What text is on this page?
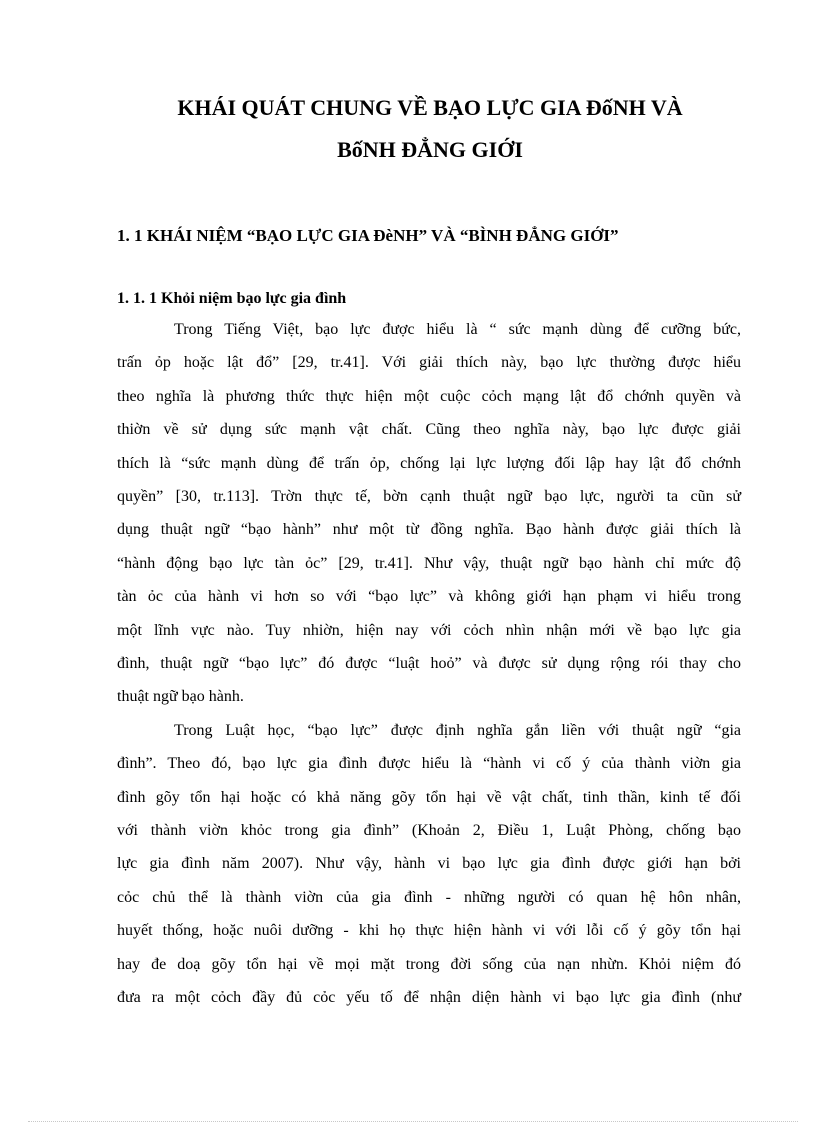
KHÁI QUÁT CHUNG VỀ BẠO LỰC GIA ĐốNH VÀ
BốNH ĐẲNG GIỚI
1. 1 KHÁI NIỆM “BẠO LỰC GIA ĐèNH” VÀ “BÌNH ĐẲNG GIỚI”
1. 1. 1 Khỏi niệm bạo lực gia đình
Trong Tiếng Việt, bạo lực được hiểu là “ sức mạnh dùng để cưỡng bức,
trấn ỏp hoặc lật đổ” [29, tr.41]. Với giải thích này, bạo lực thường được hiểu
theo nghĩa là phương thức thực hiện một cuộc cỏch mạng lật đổ chớnh quyền và
thiờn về sử dụng sức mạnh vật chất. Cũng theo nghĩa này, bạo lực được giải
thích là “sức mạnh dùng để trấn ỏp, chống lại lực lượng đối lập hay lật đổ chớnh
quyền” [30, tr.113]. Trờn thực tế, bờn cạnh thuật ngữ bạo lực, người ta cũn sử
dụng thuật ngữ “bạo hành” như một từ đồng nghĩa. Bạo hành được giải thích là
“hành động bạo lực tàn ỏc” [29, tr.41]. Như vậy, thuật ngữ bạo hành chỉ mức độ
tàn ỏc của hành vi hơn so với “bạo lực” và không giới hạn phạm vi hiểu trong
một lĩnh vực nào. Tuy nhiờn, hiện nay với cỏch nhìn nhận mới về bạo lực gia
đình, thuật ngữ “bạo lực” đó được “luật hoỏ” và được sử dụng rộng rói thay cho
thuật ngữ bạo hành.
Trong Luật học, “bạo lực” được định nghĩa gắn liền với thuật ngữ “gia
đình”. Theo đó, bạo lực gia đình được hiểu là “hành vi cố ý của thành viờn gia
đình gõy tổn hại hoặc có khả năng gõy tổn hại về vật chất, tinh thần, kinh tế đối
với thành viờn khỏc trong gia đình” (Khoản 2, Điều 1, Luật Phòng, chống bạo
lực gia đình năm 2007). Như vậy, hành vi bạo lực gia đình được giới hạn bởi
cỏc chủ thể là thành viờn của gia đình - những người có quan hệ hôn nhân,
huyết thống, hoặc nuôi dưỡng - khi họ thực hiện hành vi với lỗi cố ý gõy tổn hại
hay đe doạ gõy tổn hại về mọi mặt trong đời sống của nạn nhừn. Khỏi niệm đó
đưa ra một cỏch đầy đủ cỏc yếu tố để nhận diện hành vi bạo lực gia đình (như
